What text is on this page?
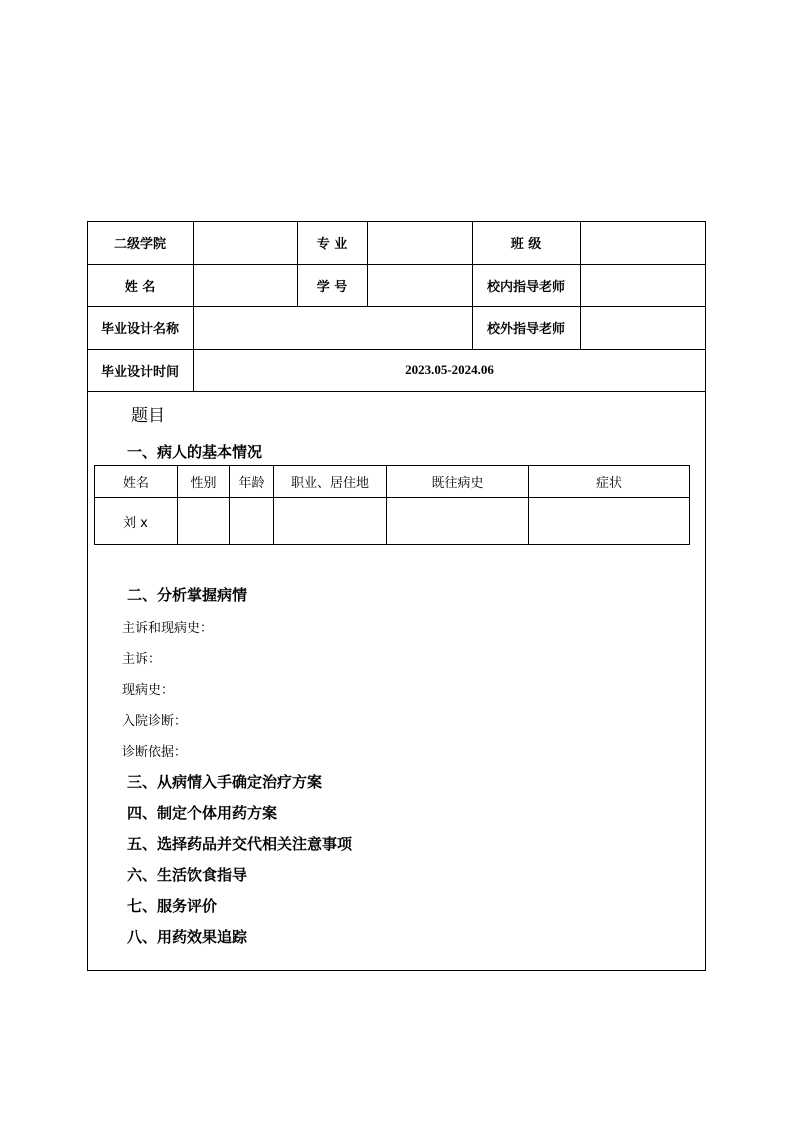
二级学院	专 业	班 级
姓 名	学 号	校内指导老师
毕业设计名称	校外指导老师
毕业设计时间	2023.05-2024.06
题目
一、病人的基本情况
姓名	性别	年龄	职业、居住地	既往病史	症状
刘 x					
二、分析掌握病情
主诉和现病史：
主诉：
现病史：
入院诊断：
诊断依据：
三、从病情入手确定治疗方案
四、制定个体用药方案
五、选择药品并交代相关注意事项
六、生活饮食指导
七、服务评价
八、用药效果追踪
